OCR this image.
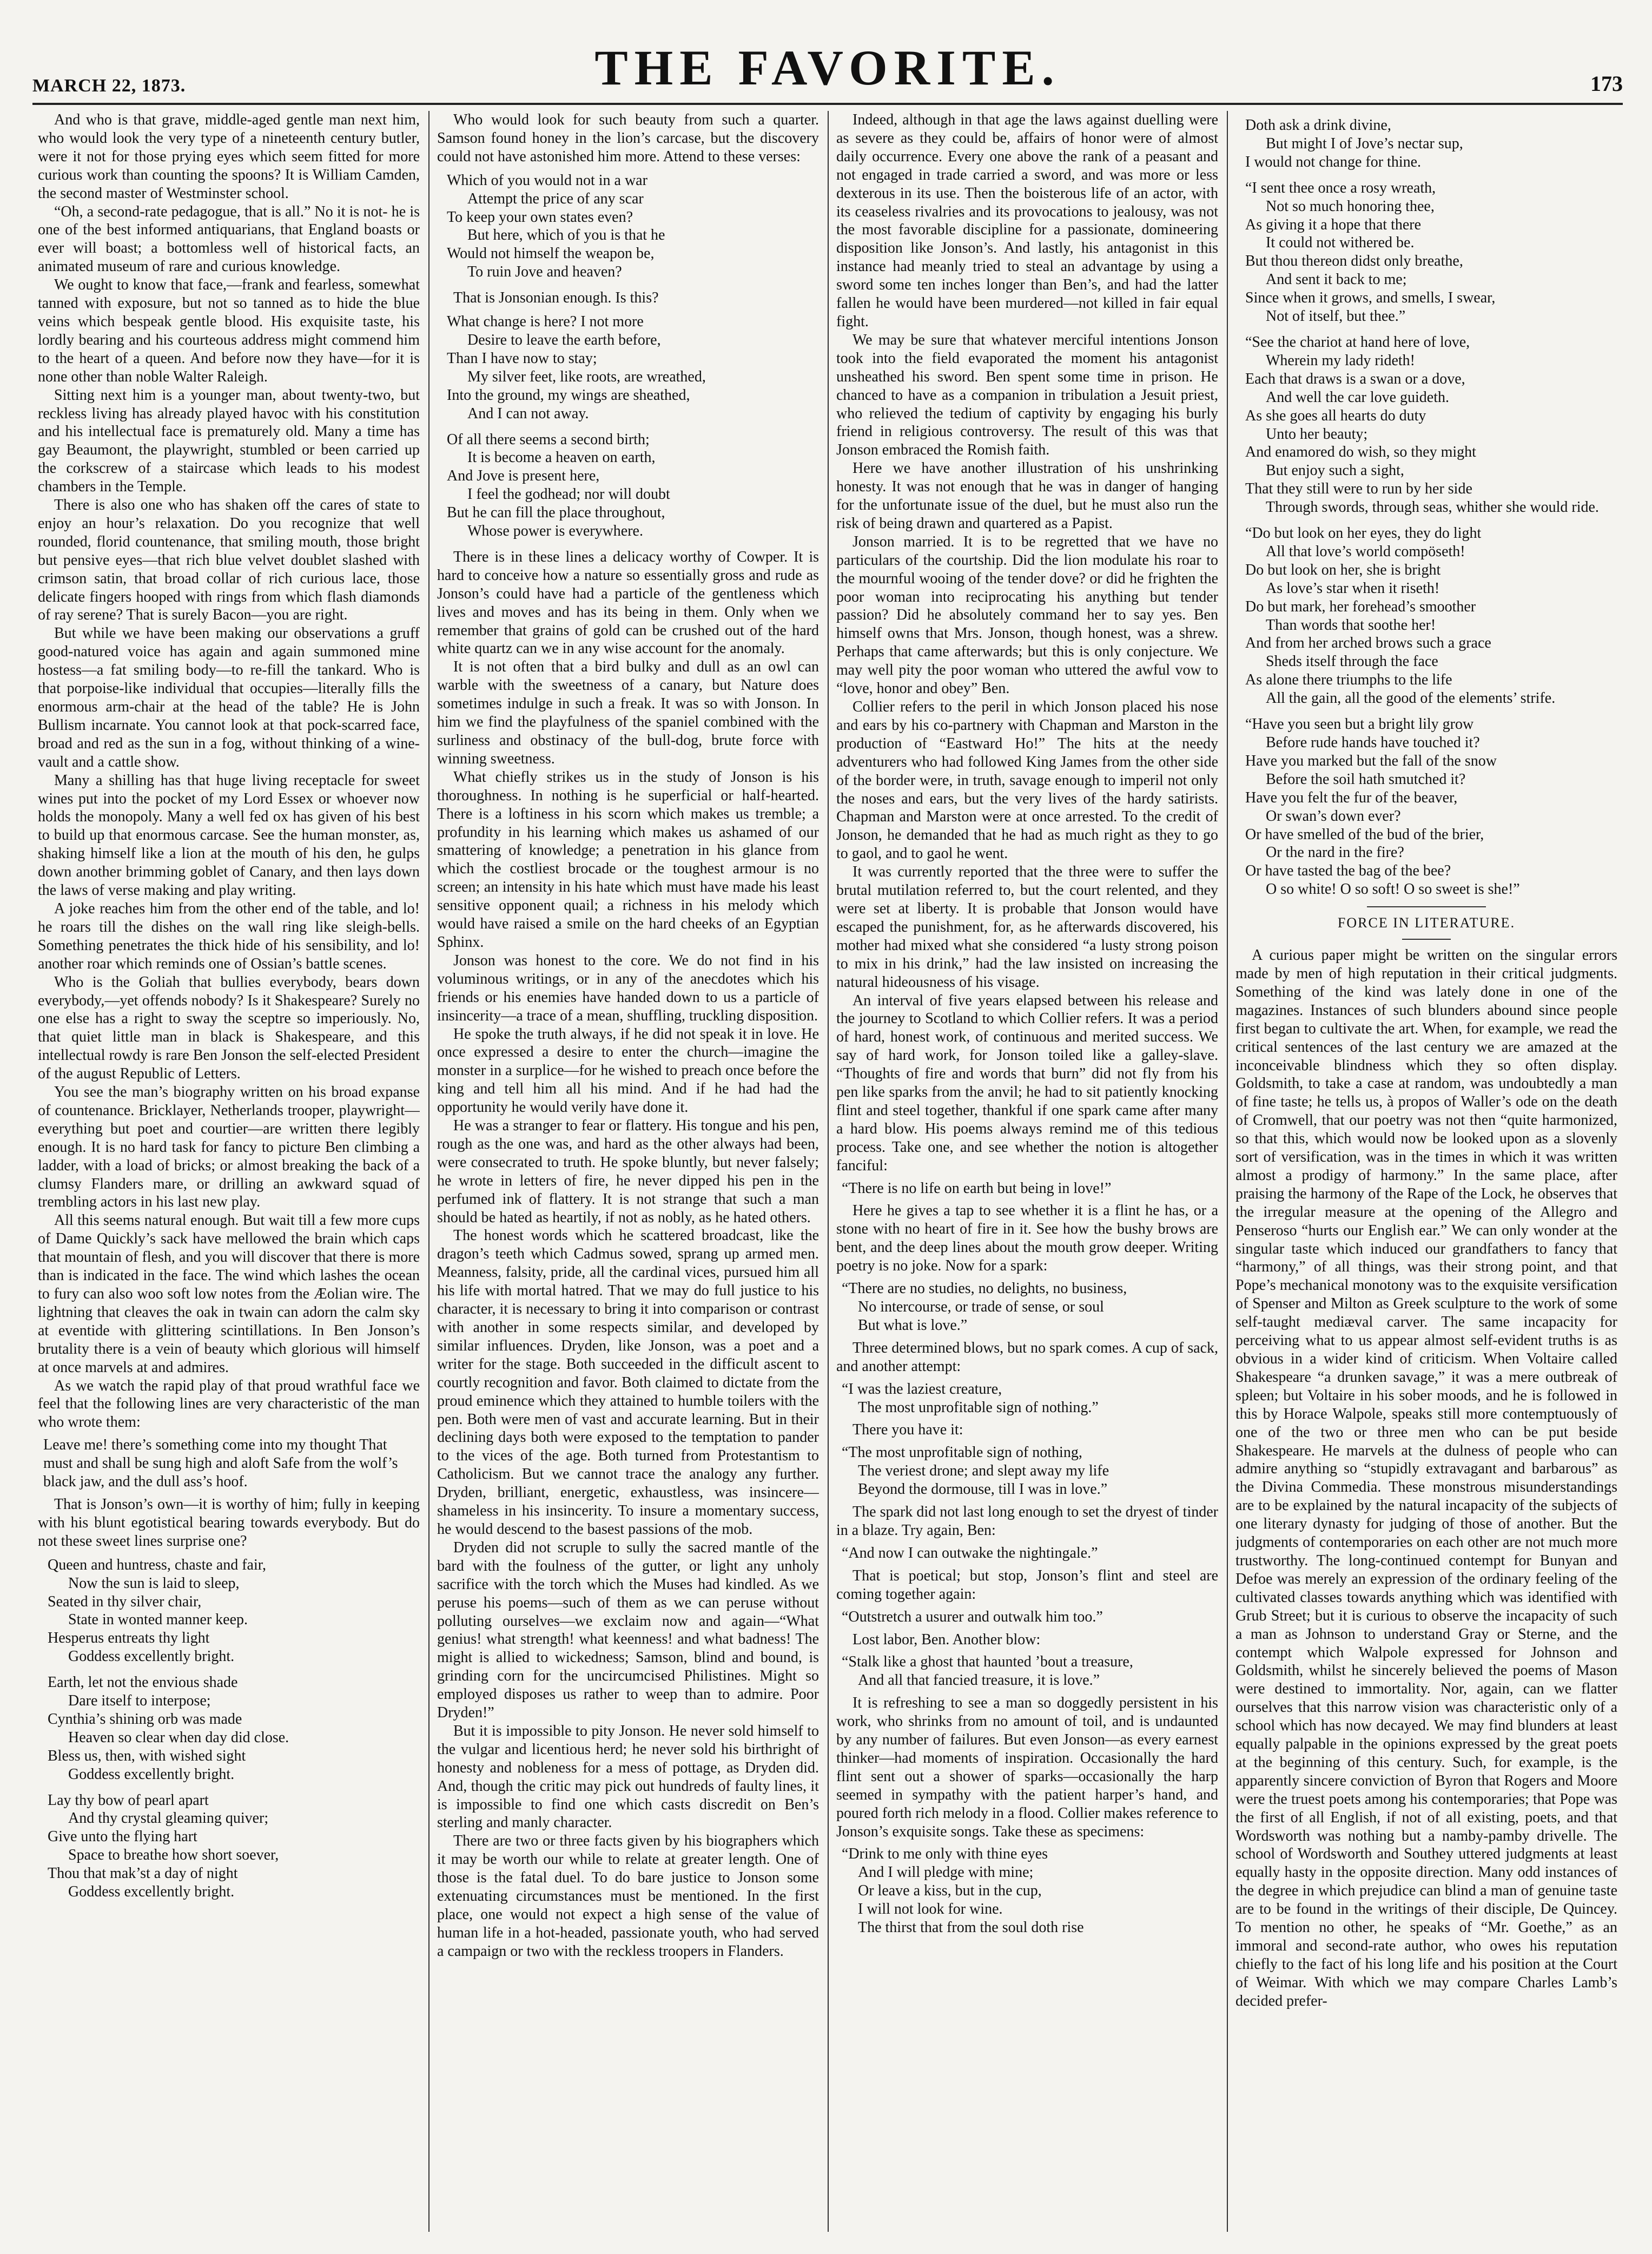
MARCH 22, 1873.	THE FAVORITE.	173

And who is that grave, middle-aged gentle man next him, who would look the very type of a nineteenth century butler, were it not for those prying eyes which seem fitted for more curious work than counting the spoons? It is William Camden, the second master of Westminster school.

“Oh, a second-rate pedagogue, that is all.” No it is not- he is one of the best informed antiquarians, that England boasts or ever will boast; a bottomless well of historical facts, an animated museum of rare and curious knowledge.

We ought to know that face,—frank and fearless, somewhat tanned with exposure, but not so tanned as to hide the blue veins which bespeak gentle blood. His exquisite taste, his lordly bearing and his courteous address might commend him to the heart of a queen. And before now they have—for it is none other than noble Walter Raleigh.

Sitting next him is a younger man, about twenty-two, but reckless living has already played havoc with his constitution and his intellectual face is prematurely old. Many a time has gay Beaumont, the playwright, stumbled or been carried up the corkscrew of a staircase which leads to his modest chambers in the Temple.

There is also one who has shaken off the cares of state to enjoy an hour’s relaxation. Do you recognize that well rounded, florid countenance, that smiling mouth, those bright but pensive eyes—that rich blue velvet doublet slashed with crimson satin, that broad collar of rich curious lace, those delicate fingers hooped with rings from which flash diamonds of ray serene? That is surely Bacon—you are right.

But while we have been making our observations a gruff good-natured voice has again and again summoned mine hostess—a fat smiling body—to re-fill the tankard. Who is that porpoise-like individual that occupies—literally fills the enormous arm-chair at the head of the table? He is John Bullism incarnate. You cannot look at that pock-scarred face, broad and red as the sun in a fog, without thinking of a wine-vault and a cattle show.

Many a shilling has that huge living receptacle for sweet wines put into the pocket of my Lord Essex or whoever now holds the monopoly. Many a well fed ox has given of his best to build up that enormous carcase. See the human monster, as, shaking himself like a lion at the mouth of his den, he gulps down another brimming goblet of Canary, and then lays down the laws of verse making and play writing.

A joke reaches him from the other end of the table, and lo! he roars till the dishes on the wall ring like sleigh-bells. Something penetrates the thick hide of his sensibility, and lo! another roar which reminds one of Ossian’s battle scenes.

Who is the Goliah that bullies everybody, bears down everybody,—yet offends nobody? Is it Shakespeare? Surely no one else has a right to sway the sceptre so imperiously. No, that quiet little man in black is Shakespeare, and this intellectual rowdy is rare Ben Jonson the self-elected President of the august Republic of Letters.

You see the man’s biography written on his broad expanse of countenance. Bricklayer, Netherlands trooper, playwright—everything but poet and courtier—are written there legibly enough. It is no hard task for fancy to picture Ben climbing a ladder, with a load of bricks; or almost breaking the back of a clumsy Flanders mare, or drilling an awkward squad of trembling actors in his last new play.

All this seems natural enough. But wait till a few more cups of Dame Quickly’s sack have mellowed the brain which caps that mountain of flesh, and you will discover that there is more than is indicated in the face. The wind which lashes the ocean to fury can also woo soft low notes from the Æolian wire. The lightning that cleaves the oak in twain can adorn the calm sky at eventide with glittering scintillations. In Ben Jonson’s brutality there is a vein of beauty which glorious will himself at once marvels at and admires.

As we watch the rapid play of that proud wrathful face we feel that the following lines are very characteristic of the man who wrote them:

Leave me! there’s something come into my thought That must and shall be sung high and aloft Safe from the wolf’s black jaw, and the dull ass’s hoof.

That is Jonson’s own—it is worthy of him; fully in keeping with his blunt egotistical bearing towards everybody. But do not these sweet lines surprise one?

Queen and huntress, chaste and fair,

Now the sun is laid to sleep,

Seated in thy silver chair,

State in wonted manner keep.

Hesperus entreats thy light

Goddess excellently bright.

Earth, let not the envious shade

Dare itself to interpose;

Cynthia’s shining orb was made

Heaven so clear when day did close.

Bless us, then, with wished sight

Goddess excellently bright.

Lay thy bow of pearl apart

And thy crystal gleaming quiver;

Give unto the flying hart

Space to breathe how short soever,

Thou that mak’st a day of night

Goddess excellently bright.

Who would look for such beauty from such a quarter. Samson found honey in the lion’s carcase, but the discovery could not have astonished him more. Attend to these verses:

Which of you would not in a war

Attempt the price of any scar

To keep your own states even?

But here, which of you is that he

Would not himself the weapon be,

To ruin Jove and heaven?

That is Jonsonian enough. Is this?

What change is here? I not more

Desire to leave the earth before,

Than I have now to stay;

My silver feet, like roots, are wreathed,

Into the ground, my wings are sheathed,

And I can not away.

Of all there seems a second birth;

It is become a heaven on earth,

And Jove is present here,

I feel the godhead; nor will doubt

But he can fill the place throughout,

Whose power is everywhere.

There is in these lines a delicacy worthy of Cowper. It is hard to conceive how a nature so essentially gross and rude as Jonson’s could have had a particle of the gentleness which lives and moves and has its being in them. Only when we remember that grains of gold can be crushed out of the hard white quartz can we in any wise account for the anomaly.

It is not often that a bird bulky and dull as an owl can warble with the sweetness of a canary, but Nature does sometimes indulge in such a freak. It was so with Jonson. In him we find the playfulness of the spaniel combined with the surliness and obstinacy of the bull-dog, brute force with winning sweetness.

What chiefly strikes us in the study of Jonson is his thoroughness. In nothing is he superficial or half-hearted. There is a loftiness in his scorn which makes us tremble; a profundity in his learning which makes us ashamed of our smattering of knowledge; a penetration in his glance from which the costliest brocade or the toughest armour is no screen; an intensity in his hate which must have made his least sensitive opponent quail; a richness in his melody which would have raised a smile on the hard cheeks of an Egyptian Sphinx.

Jonson was honest to the core. We do not find in his voluminous writings, or in any of the anecdotes which his friends or his enemies have handed down to us a particle of insincerity—a trace of a mean, shuffling, truckling disposition.

He spoke the truth always, if he did not speak it in love. He once expressed a desire to enter the church—imagine the monster in a surplice—for he wished to preach once before the king and tell him all his mind. And if he had had the opportunity he would verily have done it.

He was a stranger to fear or flattery. His tongue and his pen, rough as the one was, and hard as the other always had been, were consecrated to truth. He spoke bluntly, but never falsely; he wrote in letters of fire, he never dipped his pen in the perfumed ink of flattery. It is not strange that such a man should be hated as heartily, if not as nobly, as he hated others.

The honest words which he scattered broadcast, like the dragon’s teeth which Cadmus sowed, sprang up armed men. Meanness, falsity, pride, all the cardinal vices, pursued him all his life with mortal hatred. That we may do full justice to his character, it is necessary to bring it into comparison or contrast with another in some respects similar, and developed by similar influences. Dryden, like Jonson, was a poet and a writer for the stage. Both succeeded in the difficult ascent to courtly recognition and favor. Both claimed to dictate from the proud eminence which they attained to humble toilers with the pen. Both were men of vast and accurate learning. But in their declining days both were exposed to the temptation to pander to the vices of the age. Both turned from Protestantism to Catholicism. But we cannot trace the analogy any further. Dryden, brilliant, energetic, exhaustless, was insincere—shameless in his insincerity. To insure a momentary success, he would descend to the basest passions of the mob.

Dryden did not scruple to sully the sacred mantle of the bard with the foulness of the gutter, or light any unholy sacrifice with the torch which the Muses had kindled. As we peruse his poems—such of them as we can peruse without polluting ourselves—we exclaim now and again—“What genius! what strength! what keenness! and what badness! The might is allied to wickedness; Samson, blind and bound, is grinding corn for the uncircumcised Philistines. Might so employed disposes us rather to weep than to admire. Poor Dryden!”

But it is impossible to pity Jonson. He never sold himself to the vulgar and licentious herd; he never sold his birthright of honesty and nobleness for a mess of pottage, as Dryden did. And, though the critic may pick out hundreds of faulty lines, it is impossible to find one which casts discredit on Ben’s sterling and manly character.

There are two or three facts given by his biographers which it may be worth our while to relate at greater length. One of those is the fatal duel. To do bare justice to Jonson some extenuating circumstances must be mentioned. In the first place, one would not expect a high sense of the value of human life in a hot-headed, passionate youth, who had served a campaign or two with the reckless troopers in Flanders.

Indeed, although in that age the laws against duelling were as severe as they could be, affairs of honor were of almost daily occurrence. Every one above the rank of a peasant and not engaged in trade carried a sword, and was more or less dexterous in its use. Then the boisterous life of an actor, with its ceaseless rivalries and its provocations to jealousy, was not the most favorable discipline for a passionate, domineering disposition like Jonson’s. And lastly, his antagonist in this instance had meanly tried to steal an advantage by using a sword some ten inches longer than Ben’s, and had the latter fallen he would have been murdered—not killed in fair equal fight.

We may be sure that whatever merciful intentions Jonson took into the field evaporated the moment his antagonist unsheathed his sword. Ben spent some time in prison. He chanced to have as a companion in tribulation a Jesuit priest, who relieved the tedium of captivity by engaging his burly friend in religious controversy. The result of this was that Jonson embraced the Romish faith.

Here we have another illustration of his unshrinking honesty. It was not enough that he was in danger of hanging for the unfortunate issue of the duel, but he must also run the risk of being drawn and quartered as a Papist.

Jonson married. It is to be regretted that we have no particulars of the courtship. Did the lion modulate his roar to the mournful wooing of the tender dove? or did he frighten the poor woman into reciprocating his anything but tender passion? Did he absolutely command her to say yes. Ben himself owns that Mrs. Jonson, though honest, was a shrew. Perhaps that came afterwards; but this is only conjecture. We may well pity the poor woman who uttered the awful vow to “love, honor and obey” Ben.

Collier refers to the peril in which Jonson placed his nose and ears by his co-partnery with Chapman and Marston in the production of “Eastward Ho!” The hits at the needy adventurers who had followed King James from the other side of the border were, in truth, savage enough to imperil not only the noses and ears, but the very lives of the hardy satirists. Chapman and Marston were at once arrested. To the credit of Jonson, he demanded that he had as much right as they to go to gaol, and to gaol he went.

It was currently reported that the three were to suffer the brutal mutilation referred to, but the court relented, and they were set at liberty. It is probable that Jonson would have escaped the punishment, for, as he afterwards discovered, his mother had mixed what she considered “a lusty strong poison to mix in his drink,” had the law insisted on increasing the natural hideousness of his visage.

An interval of five years elapsed between his release and the journey to Scotland to which Collier refers. It was a period of hard, honest work, of continuous and merited success. We say of hard work, for Jonson toiled like a galley-slave. “Thoughts of fire and words that burn” did not fly from his pen like sparks from the anvil; he had to sit patiently knocking flint and steel together, thankful if one spark came after many a hard blow. His poems always remind me of this tedious process. Take one, and see whether the notion is altogether fanciful:

“There is no life on earth but being in love!”

Here he gives a tap to see whether it is a flint he has, or a stone with no heart of fire in it. See how the bushy brows are bent, and the deep lines about the mouth grow deeper. Writing poetry is no joke. Now for a spark:

“There are no studies, no delights, no business,

No intercourse, or trade of sense, or soul

But what is love.”

Three determined blows, but no spark comes. A cup of sack, and another attempt:

“I was the laziest creature,

The most unprofitable sign of nothing.”

There you have it:

“The most unprofitable sign of nothing,

The veriest drone; and slept away my life

Beyond the dormouse, till I was in love.”

The spark did not last long enough to set the dryest of tinder in a blaze. Try again, Ben:

“And now I can outwake the nightingale.”

That is poetical; but stop, Jonson’s flint and steel are coming together again:

“Outstretch a usurer and outwalk him too.”

Lost labor, Ben. Another blow:

“Stalk like a ghost that haunted ’bout a treasure,

And all that fancied treasure, it is love.”

It is refreshing to see a man so doggedly persistent in his work, who shrinks from no amount of toil, and is undaunted by any number of failures. But even Jonson—as every earnest thinker—had moments of inspiration. Occasionally the hard flint sent out a shower of sparks—occasionally the harp seemed in sympathy with the patient harper’s hand, and poured forth rich melody in a flood. Collier makes reference to Jonson’s exquisite songs. Take these as specimens:

“Drink to me only with thine eyes

And I will pledge with mine;

Or leave a kiss, but in the cup,

I will not look for wine.

The thirst that from the soul doth rise

Doth ask a drink divine,

But might I of Jove’s nectar sup,

I would not change for thine.

“I sent thee once a rosy wreath,

Not so much honoring thee,

As giving it a hope that there

It could not withered be.

But thou thereon didst only breathe,

And sent it back to me;

Since when it grows, and smells, I swear,

Not of itself, but thee.”

“See the chariot at hand here of love,

Wherein my lady rideth!

Each that draws is a swan or a dove,

And well the car love guideth.

As she goes all hearts do duty

Unto her beauty;

And enamored do wish, so they might

But enjoy such a sight,

That they still were to run by her side

Through swords, through seas, whither she would ride.

“Do but look on her eyes, they do light

All that love’s world compöseth!

Do but look on her, she is bright

As love’s star when it riseth!

Do but mark, her forehead’s smoother

Than words that soothe her!

And from her arched brows such a grace

Sheds itself through the face

As alone there triumphs to the life

All the gain, all the good of the elements’ strife.

“Have you seen but a bright lily grow

Before rude hands have touched it?

Have you marked but the fall of the snow

Before the soil hath smutched it?

Have you felt the fur of the beaver,

Or swan’s down ever?

Or have smelled of the bud of the brier,

Or the nard in the fire?

Or have tasted the bag of the bee?

O so white! O so soft! O so sweet is she!”

FORCE IN LITERATURE.

A curious paper might be written on the singular errors made by men of high reputation in their critical judgments. Something of the kind was lately done in one of the magazines. Instances of such blunders abound since people first began to cultivate the art. When, for example, we read the critical sentences of the last century we are amazed at the inconceivable blindness which they so often display. Goldsmith, to take a case at random, was undoubtedly a man of fine taste; he tells us, à propos of Waller’s ode on the death of Cromwell, that our poetry was not then “quite harmonized, so that this, which would now be looked upon as a slovenly sort of versification, was in the times in which it was written almost a prodigy of harmony.” In the same place, after praising the harmony of the Rape of the Lock, he observes that the irregular measure at the opening of the Allegro and Penseroso “hurts our English ear.” We can only wonder at the singular taste which induced our grandfathers to fancy that “harmony,” of all things, was their strong point, and that Pope’s mechanical monotony was to the exquisite versification of Spenser and Milton as Greek sculpture to the work of some self-taught mediæval carver. The same incapacity for perceiving what to us appear almost self-evident truths is as obvious in a wider kind of criticism. When Voltaire called Shakespeare “a drunken savage,” it was a mere outbreak of spleen; but Voltaire in his sober moods, and he is followed in this by Horace Walpole, speaks still more contemptuously of one of the two or three men who can be put beside Shakespeare. He marvels at the dulness of people who can admire anything so “stupidly extravagant and barbarous” as the Divina Commedia. These monstrous misunderstandings are to be explained by the natural incapacity of the subjects of one literary dynasty for judging of those of another. But the judgments of contemporaries on each other are not much more trustworthy. The long-continued contempt for Bunyan and Defoe was merely an expression of the ordinary feeling of the cultivated classes towards anything which was identified with Grub Street; but it is curious to observe the incapacity of such a man as Johnson to understand Gray or Sterne, and the contempt which Walpole expressed for Johnson and Goldsmith, whilst he sincerely believed the poems of Mason were destined to immortality. Nor, again, can we flatter ourselves that this narrow vision was characteristic only of a school which has now decayed. We may find blunders at least equally palpable in the opinions expressed by the great poets at the beginning of this century. Such, for example, is the apparently sincere conviction of Byron that Rogers and Moore were the truest poets among his contemporaries; that Pope was the first of all English, if not of all existing, poets, and that Wordsworth was nothing but a namby-pamby drivelle. The school of Wordsworth and Southey uttered judgments at least equally hasty in the opposite direction. Many odd instances of the degree in which prejudice can blind a man of genuine taste are to be found in the writings of their disciple, De Quincey. To mention no other, he speaks of “Mr. Goethe,” as an immoral and second-rate author, who owes his reputation chiefly to the fact of his long life and his position at the Court of Weimar. With which we may compare Charles Lamb’s decided prefer-
